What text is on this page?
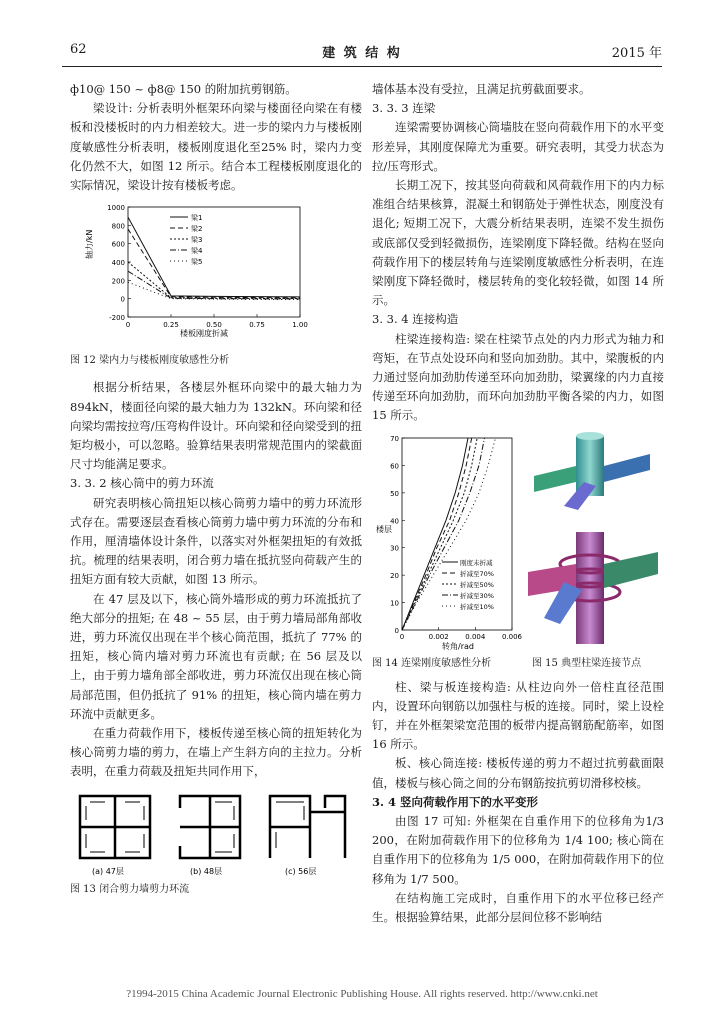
62	建 筑 结 构	2015 年

ф10@ 150 ~ ф8@ 150 的附加抗剪钢筋。

梁设计: 分析表明外框架环向梁与楼面径向梁在有楼板和没楼板时的内力相差较大。进一步的梁内力与楼板刚度敏感性分析表明，楼板刚度退化至25% 时，梁内力变化仍然不大，如图 12 所示。结合本工程楼板刚度退化的实际情况，梁设计按有楼板考虑。

-200
0
200
400
600
800
1000
0	0.25	0.50	0.75	1.00
梁1
梁2
梁3
梁4
梁5
轴力/kN
楼板刚度折减

图 12 梁内力与楼板刚度敏感性分析

根据分析结果，各楼层外框环向梁中的最大轴力为 894kN，楼面径向梁的最大轴力为 132kN。环向梁和径向梁均需按拉弯/压弯构件设计。环向梁和径向梁受到的扭矩均极小，可以忽略。验算结果表明常规范围内的梁截面尺寸均能满足要求。

3. 3. 2 核心筒中的剪力环流

研究表明核心筒扭矩以核心筒剪力墙中的剪力环流形式存在。需要逐层查看核心筒剪力墙中剪力环流的分布和作用，厘清墙体设计条件，以落实对外框架扭矩的有效抵抗。梳理的结果表明，闭合剪力墙在抵抗竖向荷载产生的扭矩方面有较大贡献，如图 13 所示。

在 47 层及以下，核心筒外墙形成的剪力环流抵抗了绝大部分的扭矩; 在 48 ~ 55 层，由于剪力墙局部角部收进，剪力环流仅出现在半个核心筒范围，抵抗了 77% 的扭矩，核心筒内墙对剪力环流也有贡献; 在 56 层及以上，由于剪力墙角部全部收进，剪力环流仅出现在核心筒局部范围，但仍抵抗了 91% 的扭矩，核心筒内墙在剪力环流中贡献更多。

在重力荷载作用下，楼板传递至核心筒的扭矩转化为核心筒剪力墙的剪力，在墙上产生斜方向的主拉力。分析表明，在重力荷载及扭矩共同作用下，

(a) 47层	(b) 48层	(c) 56层

图 13 闭合剪力墙剪力环流

墙体基本没有受拉，且满足抗剪截面要求。

3. 3. 3 连梁

连梁需要协调核心筒墙肢在竖向荷载作用下的水平变形差异，其刚度保障尤为重要。研究表明，其受力状态为拉/压弯形式。

长期工况下，按其竖向荷载和风荷载作用下的内力标准组合结果核算，混凝土和钢筋处于弹性状态，刚度没有退化; 短期工况下，大震分析结果表明，连梁不发生损伤或底部仅受到轻微损伤，连梁刚度下降轻微。结构在竖向荷载作用下的楼层转角与连梁刚度敏感性分析表明，在连梁刚度下降轻微时，楼层转角的变化较轻微，如图 14 所示。

3. 3. 4 连接构造

柱梁连接构造: 梁在柱梁节点处的内力形式为轴力和弯矩，在节点处设环向和竖向加劲肋。其中，梁腹板的内力通过竖向加劲肋传递至环向加劲肋，梁翼缘的内力直接传递至环向加劲肋，而环向加劲肋平衡各梁的内力，如图 15 所示。

0
10
20
30
40
50
60
70
0	0.002 0.004 0.006
刚度未折减
折减至70%
折减至50%
折减至30%
折减至10%
楼层
转角/rad
图 14 连梁刚度敏感性分析	图 15 典型柱梁连接节点

柱、梁与板连接构造: 从柱边向外一倍柱直径范围内，设置环向钢筋以加强柱与板的连接。同时，梁上设栓钉，并在外框架梁宽范围的板带内提高钢筋配筋率，如图 16 所示。

板、核心筒连接: 楼板传递的剪力不超过抗剪截面限值，楼板与核心筒之间的分布钢筋按抗剪切滑移校核。

3. 4 竖向荷载作用下的水平变形

由图 17 可知: 外框架在自重作用下的位移角为1/3 200，在附加荷载作用下的位移角为 1/4 100; 核心筒在自重作用下的位移角为 1/5 000，在附加荷载作用下的位移角为 1/7 500。

在结构施工完成时，自重作用下的水平位移已经产生。根据验算结果，此部分层间位移不影响结

?1994-2015 China Academic Journal Electronic Publishing House. All rights reserved. http://www.cnki.net
